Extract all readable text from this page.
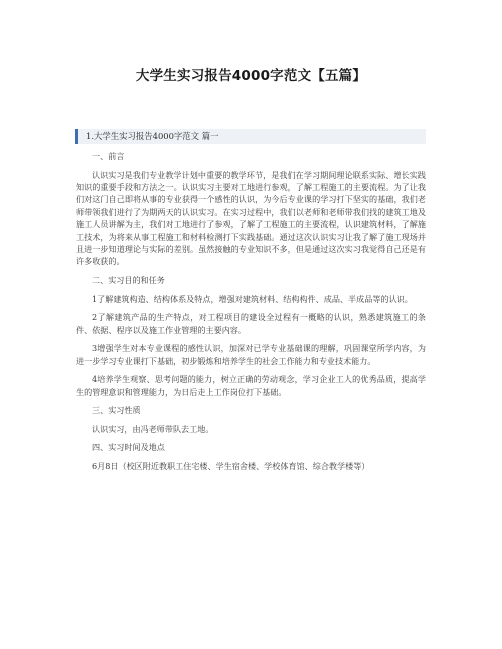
大学生实习报告4000字范文【五篇】
1.大学生实习报告4000字范文 篇一

一、前言

认识实习是我们专业教学计划中重要的教学环节，是我们在学习期间理论联系实际、增长实践知识的重要手段和方法之一。认识实习主要对工地进行参观，了解工程施工的主要流程。为了让我们对这门自己即将从事的专业获得一个感性的认识，为今后专业课的学习打下坚实的基础，我们老师带领我们进行了为期两天的认识实习。在实习过程中，我们以老师和老师带我们找的建筑工地及施工人员讲解为主，我们对工地进行了参观，了解了工程施工的主要流程，认识建筑材料，了解施工技术，为将来从事工程施工和材料检测打下实践基础。通过这次认识实习让我了解了施工现场并且进一步知道理论与实际的差别。虽然接触的专业知识不多，但是通过这次实习我觉得自己还是有许多收获的。

二、实习目的和任务

1了解建筑构造、结构体系及特点，增强对建筑材料、结构构件、成品、半成品等的认识。

2了解建筑产品的生产特点，对工程项目的建设全过程有一概略的认识，熟悉建筑施工的条件、依据、程序以及施工作业管理的主要内容。

3增强学生对本专业课程的感性认识，加深对已学专业基础课的理解，巩固课堂所学内容，为进一步学习专业课打下基础，初步锻炼和培养学生的社会工作能力和专业技术能力。

4培养学生观察、思考问题的能力，树立正确的劳动观念，学习企业工人的优秀品质，提高学生的管理意识和管理能力，为日后走上工作岗位打下基础。

三、实习性质

认识实习，由冯老师带队去工地。

四、实习时间及地点

6月8日（校区附近教职工住宅楼、学生宿舍楼、学校体育馆、综合教学楼等）
